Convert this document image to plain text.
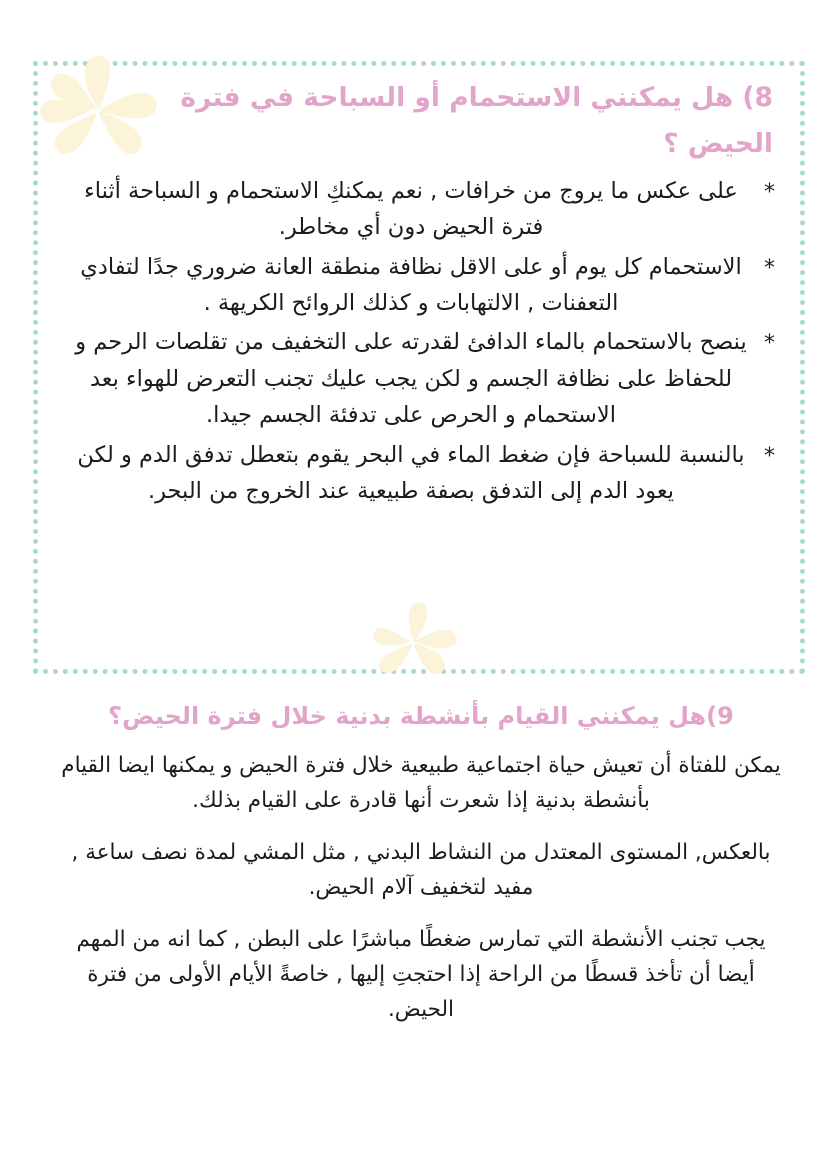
8) هل يمكنني الاستحمام أو السباحة في فترة الحيض ؟

*
على عكس ما يروج من خرافات , نعم يمكنكِ الاستحمام و السباحة أثناء فترة الحيض دون أي مخاطر.

*
الاستحمام كل يوم أو على الاقل نظافة منطقة العانة ضروري جدًا لتفادي التعفنات , الالتهابات و كذلك الروائح الكريهة .

*
ينصح بالاستحمام بالماء الدافئ لقدرته على التخفيف من تقلصات الرحم و للحفاظ على نظافة الجسم و لكن يجب عليك تجنب التعرض للهواء بعد الاستحمام و الحرص على تدفئة الجسم جيدا.

*
بالنسبة للسباحة فإن ضغط الماء في البحر يقوم بتعطل تدفق الدم و لكن يعود الدم إلى التدفق بصفة طبيعية عند الخروج من البحر.

9)هل يمكنني القيام بأنشطة بدنية خلال فترة الحيض؟

يمكن للفتاة أن تعيش حياة اجتماعية طبيعية خلال فترة الحيض و يمكنها ايضا القيام بأنشطة بدنية إذا شعرت أنها قادرة على القيام بذلك.

بالعكس, المستوى المعتدل من النشاط البدني , مثل المشي لمدة نصف ساعة , مفيد لتخفيف آلام الحيض.

يجب تجنب الأنشطة التي تمارس ضغطًا مباشرًا على البطن , كما انه من المهم أيضا أن تأخذ قسطًا من الراحة إذا احتجتِ إليها , خاصةً الأيام الأولى من فترة الحيض.
